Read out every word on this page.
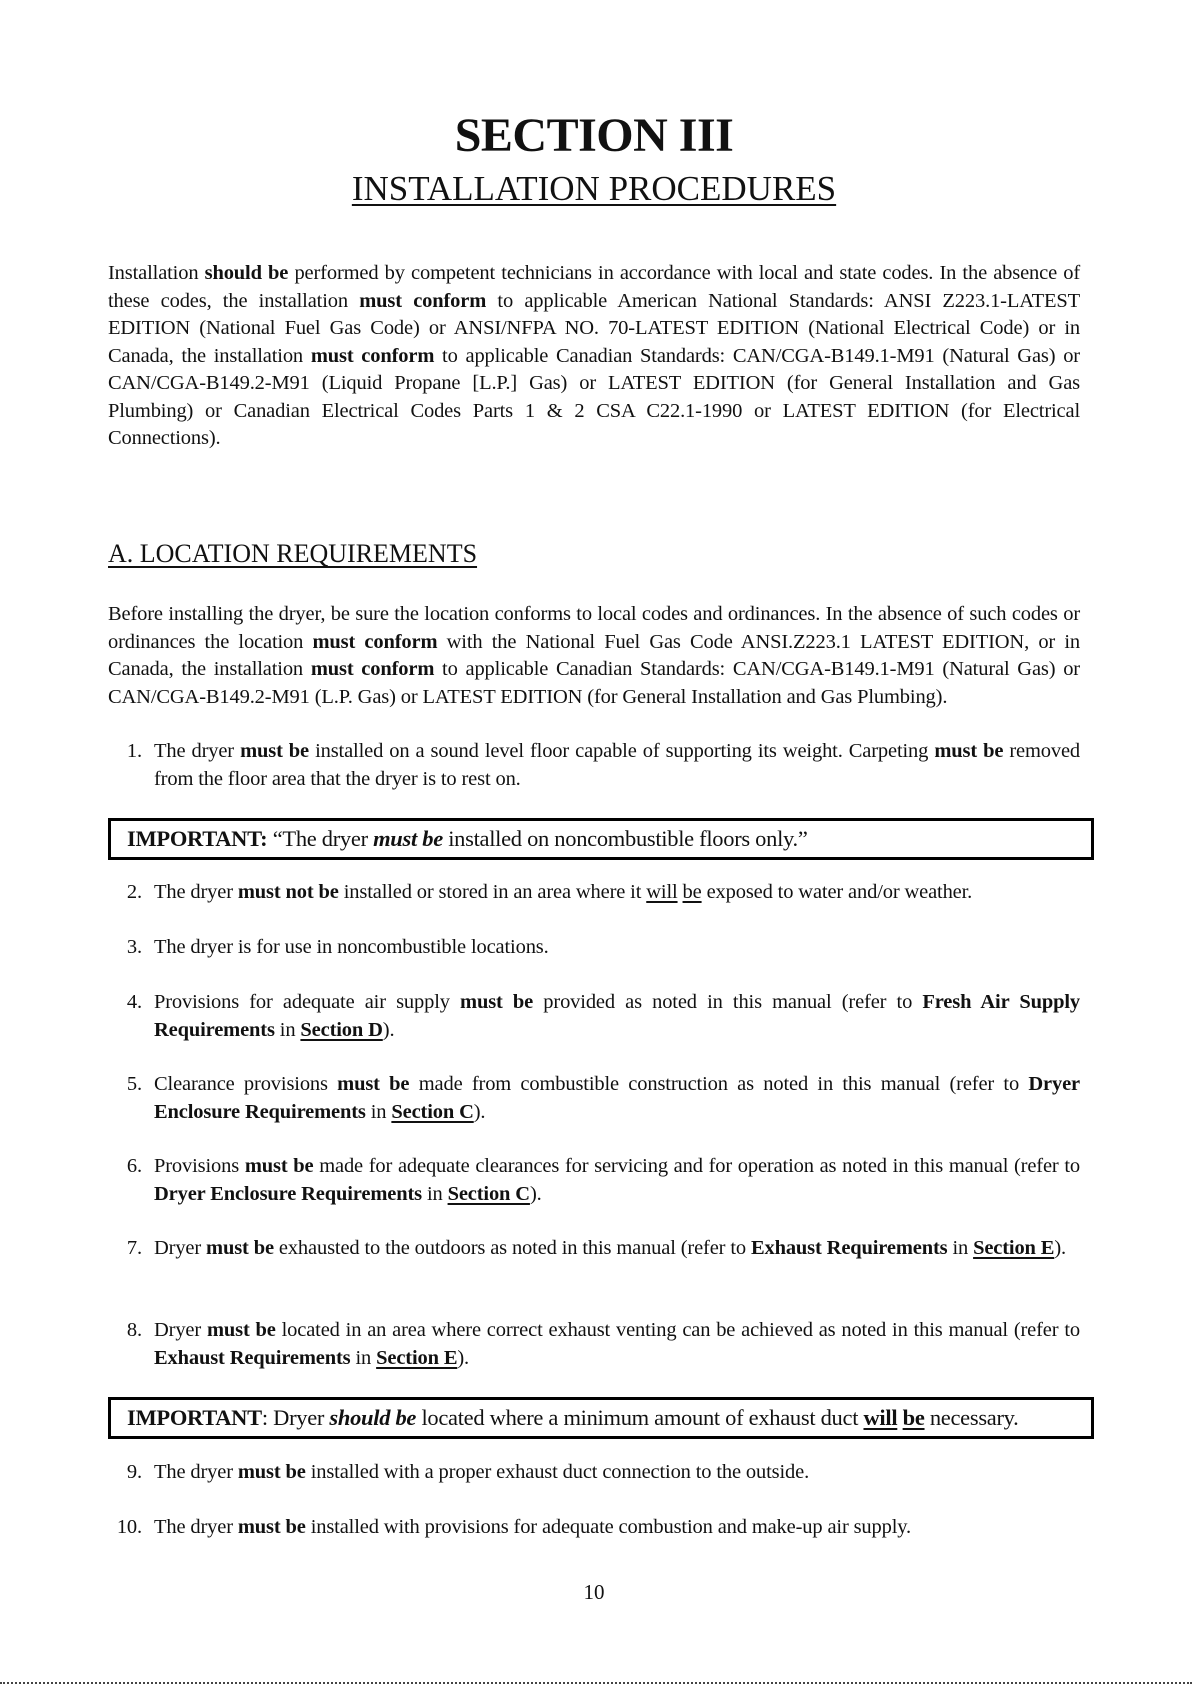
SECTION III
INSTALLATION PROCEDURES
Installation should be performed by competent technicians in accordance with local and state codes. In the absence of these codes, the installation must conform to applicable American National Standards: ANSI Z223.1-LATEST EDITION (National Fuel Gas Code) or ANSI/NFPA NO. 70-LATEST EDITION (National Electrical Code) or in Canada, the installation must conform to applicable Canadian Standards: CAN/CGA-B149.1-M91 (Natural Gas) or CAN/CGA-B149.2-M91 (Liquid Propane [L.P.] Gas) or LATEST EDITION (for General Installation and Gas Plumbing) or Canadian Electrical Codes Parts 1 & 2 CSA C22.1-1990 or LATEST EDITION (for Electrical Connections).
A. LOCATION REQUIREMENTS
Before installing the dryer, be sure the location conforms to local codes and ordinances. In the absence of such codes or ordinances the location must conform with the National Fuel Gas Code ANSI.Z223.1 LATEST EDITION, or in Canada, the installation must conform to applicable Canadian Standards: CAN/CGA-B149.1-M91 (Natural Gas) or CAN/CGA-B149.2-M91 (L.P. Gas) or LATEST EDITION (for General Installation and Gas Plumbing).
1. The dryer must be installed on a sound level floor capable of supporting its weight. Carpeting must be removed from the floor area that the dryer is to rest on.
IMPORTANT: “The dryer must be installed on noncombustible floors only.”
2. The dryer must not be installed or stored in an area where it will be exposed to water and/or weather.
3. The dryer is for use in noncombustible locations.
4. Provisions for adequate air supply must be provided as noted in this manual (refer to Fresh Air Supply Requirements in Section D).
5. Clearance provisions must be made from combustible construction as noted in this manual (refer to Dryer Enclosure Requirements in Section C).
6. Provisions must be made for adequate clearances for servicing and for operation as noted in this manual (refer to Dryer Enclosure Requirements in Section C).
7. Dryer must be exhausted to the outdoors as noted in this manual (refer to Exhaust Requirements in Section E).
8. Dryer must be located in an area where correct exhaust venting can be achieved as noted in this manual (refer to Exhaust Requirements in Section E).
IMPORTANT: Dryer should be located where a minimum amount of exhaust duct will be necessary.
9. The dryer must be installed with a proper exhaust duct connection to the outside.
10. The dryer must be installed with provisions for adequate combustion and make-up air supply.
10
